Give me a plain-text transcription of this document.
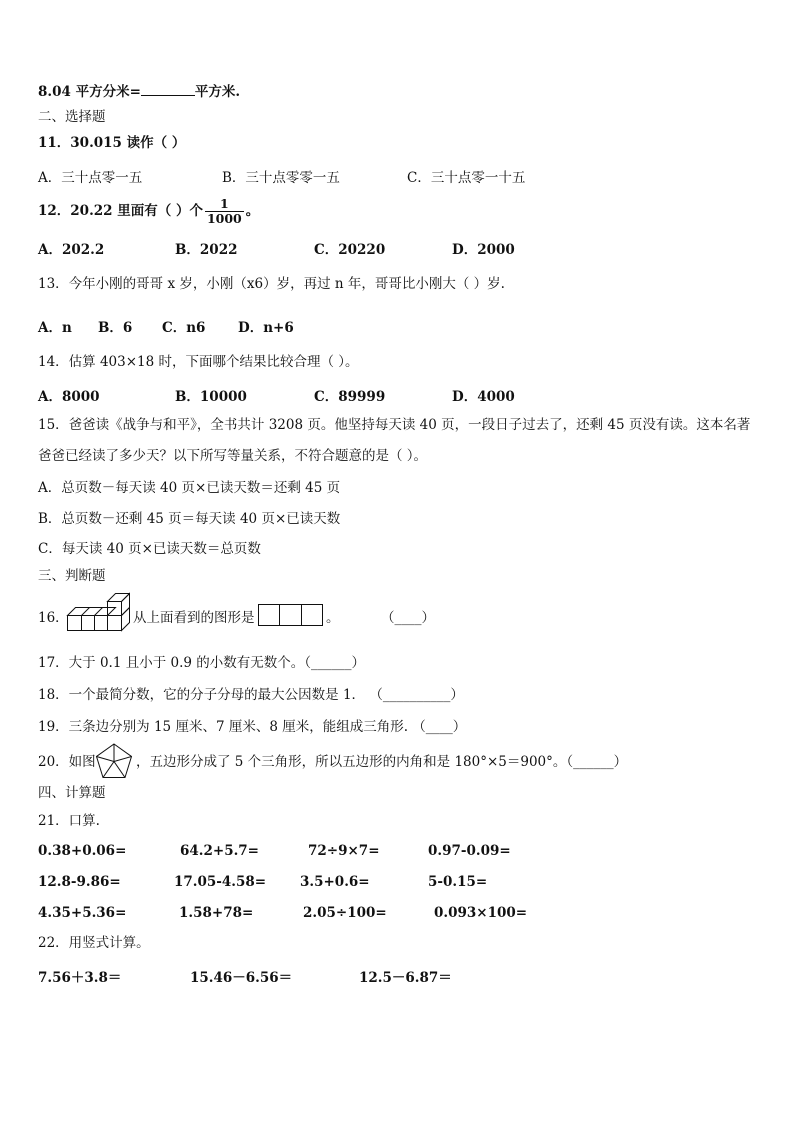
8.04 平方分米=	平方米.
二、选择题
11．30.015 读作（ ）
A．三十点零一五	B．三十点零零一五	C．三十点零一十五
12．20.22 里面有（ ）个 $\frac{1}{1000}$ 。
A．202.2	B．2022	C．20220	D．2000
13．今年小刚的哥哥 x 岁，小刚（x6）岁，再过 n 年，哥哥比小刚大（ ）岁.
A．n B．6 C．n6 D．n+6
14．估算 403×18 时，下面哪个结果比较合理（ ）。
A．8000	B．10000	C．89999	D．4000
15．爸爸读《战争与和平》，全书共计 3208 页。他坚持每天读 40 页，一段日子过去了，还剩 45 页没有读。这本名著
爸爸已经读了多少天？以下所写等量关系，不符合题意的是（ ）。
A．总页数－每天读 40 页×已读天数＝还剩 45 页
B．总页数－还剩 45 页＝每天读 40 页×已读天数
C．每天读 40 页×已读天数＝总页数
三、判断题
16．	从上面看到的图形是	。	（____）
17．大于 0.1 且小于 0.9 的小数有无数个。（______）
18．一个最简分数，它的分子分母的最大公因数是 1． （__________）
19．三条边分别为 15 厘米、7 厘米、8 厘米，能组成三角形. （____）
20．如图	，五边形分成了 5 个三角形，所以五边形的内角和是 180°×5＝900°。（______）
四、计算题
21．口算.
0.38+0.06=	64.2+5.7=	72÷9×7=	0.97-0.09=
12.8-9.86=	17.05-4.58=	3.5+0.6=	5-0.15=
4.35+5.36=	1.58+78=	2.05÷100=	0.093×100=
22．用竖式计算。
7.56＋3.8＝	15.46－6.56＝	12.5－6.87＝
